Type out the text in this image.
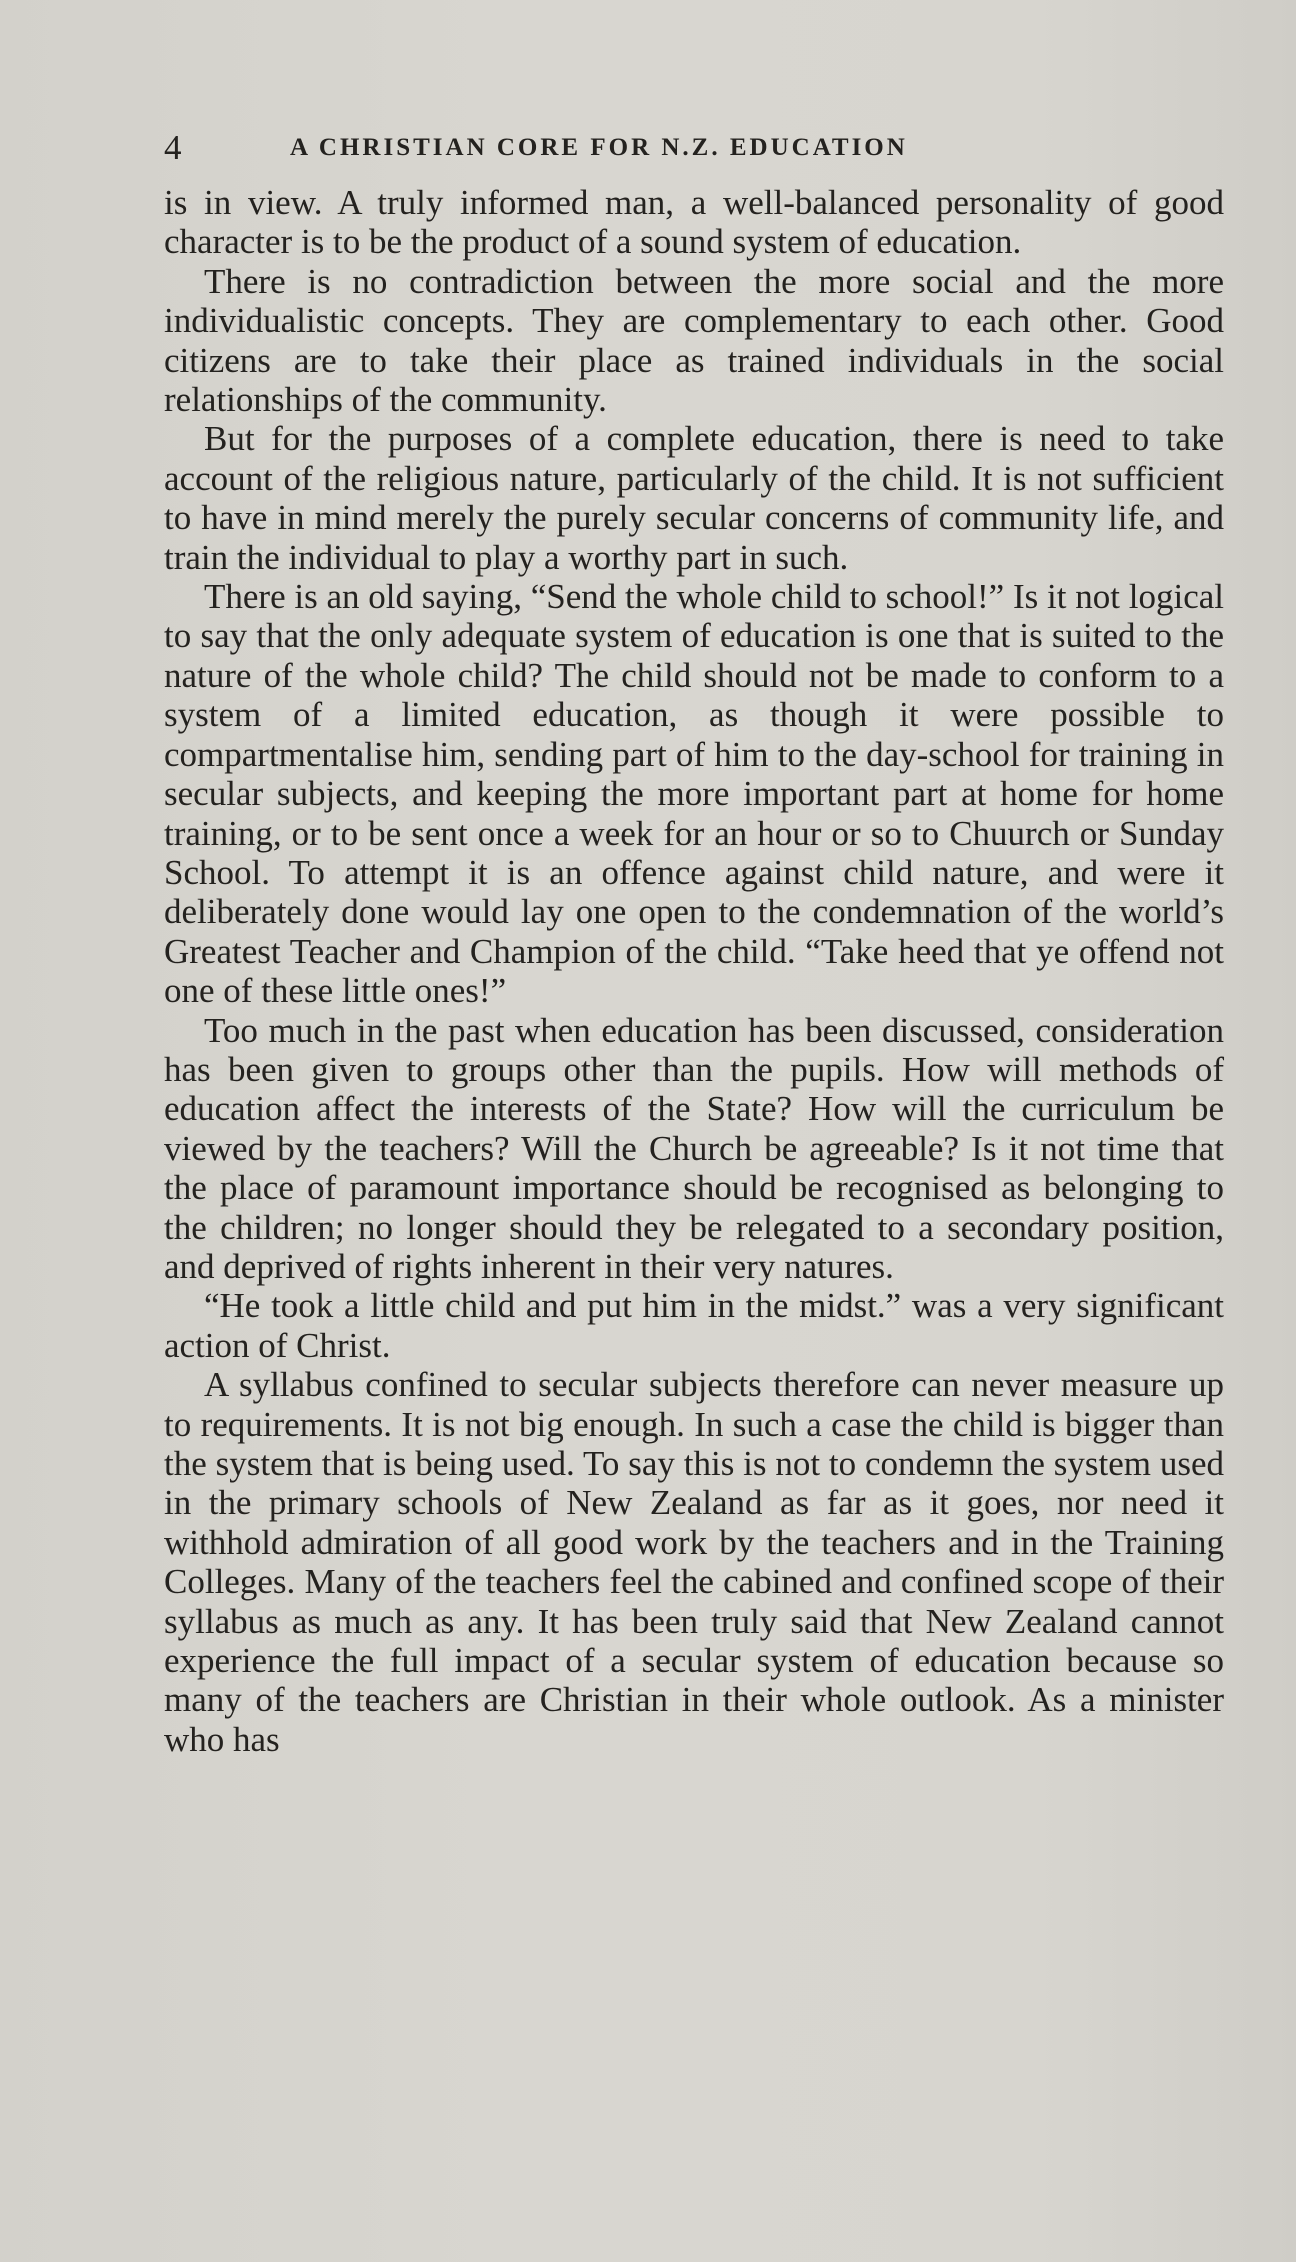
4	A CHRISTIAN CORE FOR N.Z. EDUCATION

is in view. A truly informed man, a well-balanced personality of good character is to be the product of a sound system of education.

There is no contradiction between the more social and the more individualistic concepts. They are complementary to each other. Good citizens are to take their place as trained individuals in the social relationships of the community.

But for the purposes of a complete education, there is need to take account of the religious nature, particularly of the child. It is not sufficient to have in mind merely the purely secular concerns of community life, and train the individual to play a worthy part in such.

There is an old saying, “Send the whole child to school!” Is it not logical to say that the only adequate system of education is one that is suited to the nature of the whole child? The child should not be made to conform to a system of a limited education, as though it were possible to compartmentalise him, sending part of him to the day-school for training in secular subjects, and keeping the more important part at home for home training, or to be sent once a week for an hour or so to Chuurch or Sunday School. To attempt it is an offence against child nature, and were it deliberately done would lay one open to the condemnation of the world’s Greatest Teacher and Champion of the child. “Take heed that ye offend not one of these little ones!”

Too much in the past when education has been discussed, consideration has been given to groups other than the pupils. How will methods of education affect the interests of the State? How will the curriculum be viewed by the teachers? Will the Church be agreeable? Is it not time that the place of paramount importance should be recognised as belonging to the children; no longer should they be relegated to a secondary position, and deprived of rights inherent in their very natures.

“He took a little child and put him in the midst.” was a very significant action of Christ.

A syllabus confined to secular subjects therefore can never measure up to requirements. It is not big enough. In such a case the child is bigger than the system that is being used. To say this is not to condemn the system used in the primary schools of New Zealand as far as it goes, nor need it withhold admiration of all good work by the teachers and in the Training Colleges. Many of the teachers feel the cabined and confined scope of their syllabus as much as any. It has been truly said that New Zealand cannot experience the full impact of a secular system of education because so many of the teachers are Christian in their whole outlook. As a minister who has
